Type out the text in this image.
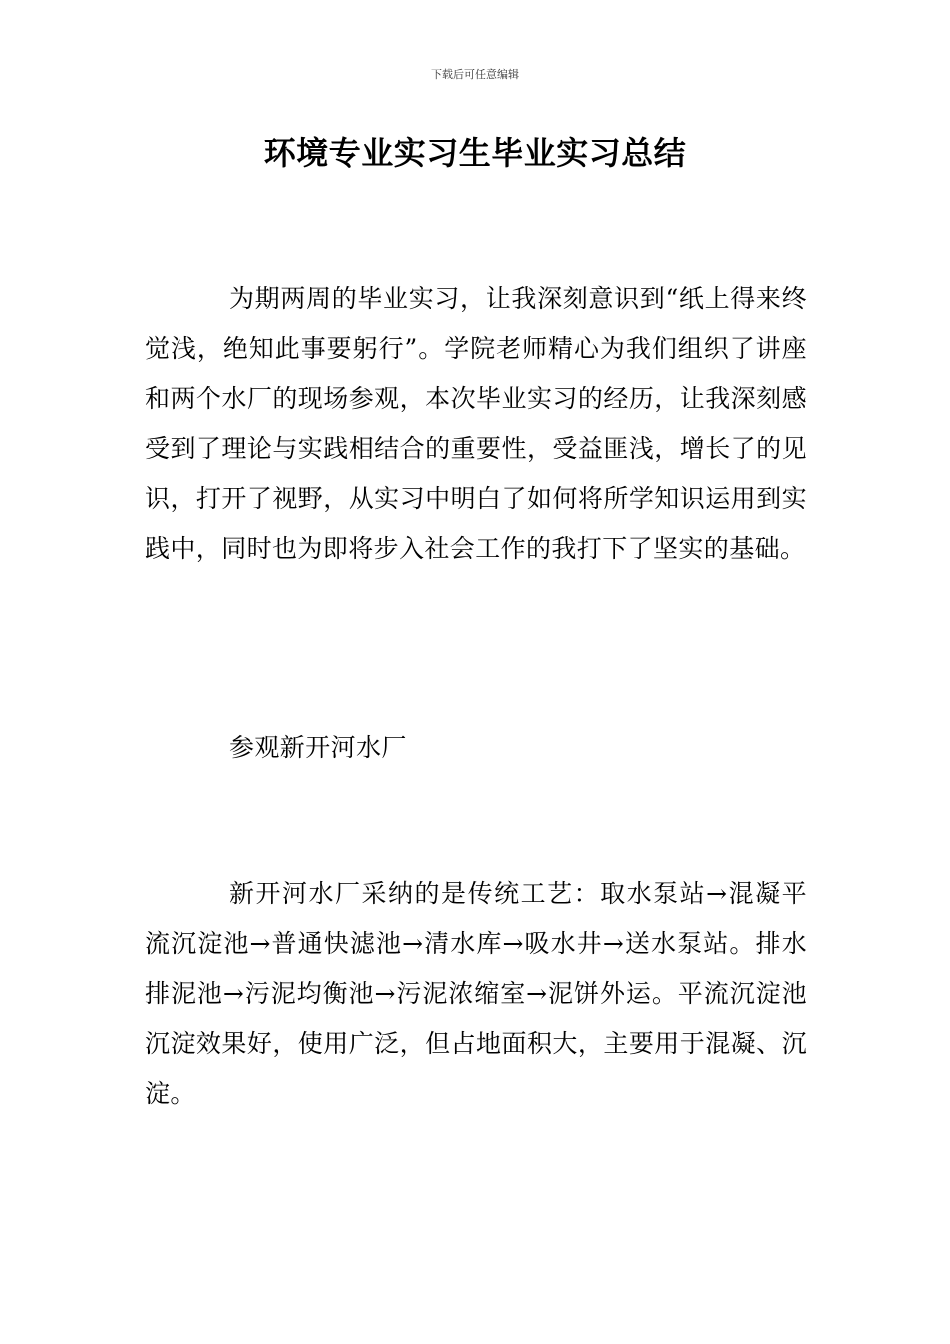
下载后可任意编辑
环境专业实习生毕业实习总结

为期两周的毕业实习，让我深刻意识到“纸上得来终觉浅，绝知此事要躬行”。学院老师精心为我们组织了讲座和两个水厂的现场参观，本次毕业实习的经历，让我深刻感受到了理论与实践相结合的重要性，受益匪浅，增长了的见识，打开了视野，从实习中明白了如何将所学知识运用到实践中，同时也为即将步入社会工作的我打下了坚实的基础。

参观新开河水厂

新开河水厂采纳的是传统工艺：取水泵站→混凝平流沉淀池→普通快滤池→清水库→吸水井→送水泵站。排水排泥池→污泥均衡池→污泥浓缩室→泥饼外运。平流沉淀池沉淀效果好，使用广泛，但占地面积大，主要用于混凝、沉淀。
